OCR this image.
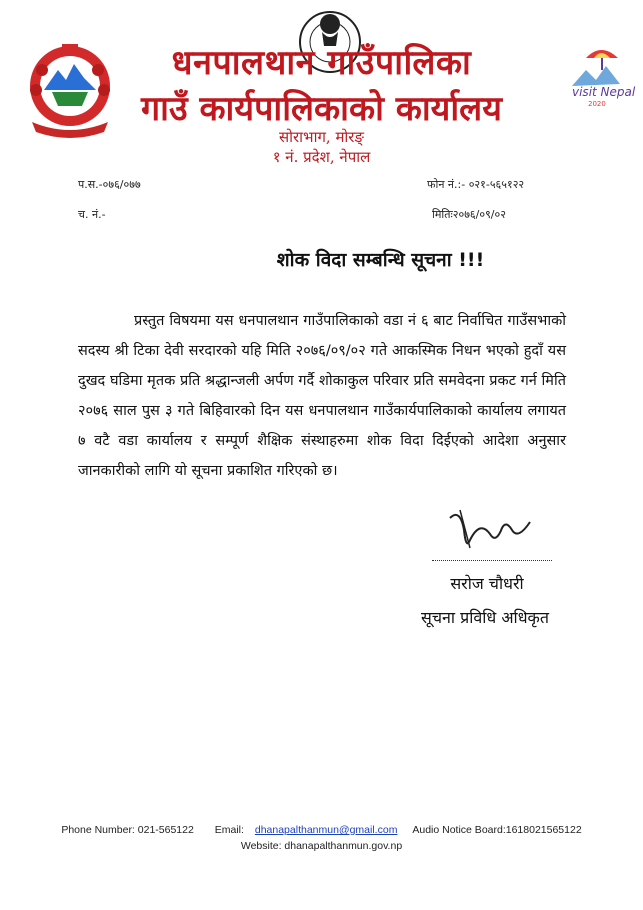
visit Nepal
2020
धनपालथान गाउँपालिका
गाउँ कार्यपालिकाको कार्यालय
सोराभाग, मोरङ्
१ नं. प्रदेश, नेपाल
प.स.-०७६/०७७	फोन नं.:- ०२१-५६५१२२
च. नं.-	मितिः२०७६/०९/०२
शोक विदा सम्बन्धि सूचना !!!
प्रस्तुत विषयमा यस धनपालथान गाउँपालिकाको वडा नं ६ बाट निर्वाचित गाउँसभाको सदस्य श्री टिका देवी सरदारको यहि मिति २०७६/०९/०२ गते आकस्मिक निधन भएको हुदाँ यस दुखद घडिमा मृतक प्रति श्रद्धान्जली अर्पण गर्दै शोकाकुल परिवार प्रति समवेदना प्रकट गर्न मिति २०७६ साल पुस ३ गते बिहिवारको दिन यस धनपालथान गाउँकार्यपालिकाको कार्यालय लगायत ७ वटै वडा कार्यालय र सम्पूर्ण शैक्षिक संस्थाहरुमा शोक विदा दिईएको आदेशा अनुसार जानकारीको लागि यो सूचना प्रकाशित गरिएको छ।
सरोज चौधरी
सूचना प्रविधि अधिकृत
Phone Number: 021-565122 Email: dhanapalthanmun@gmail.com Audio Notice Board:1618021565122
Website: dhanapalthanmun.gov.np
